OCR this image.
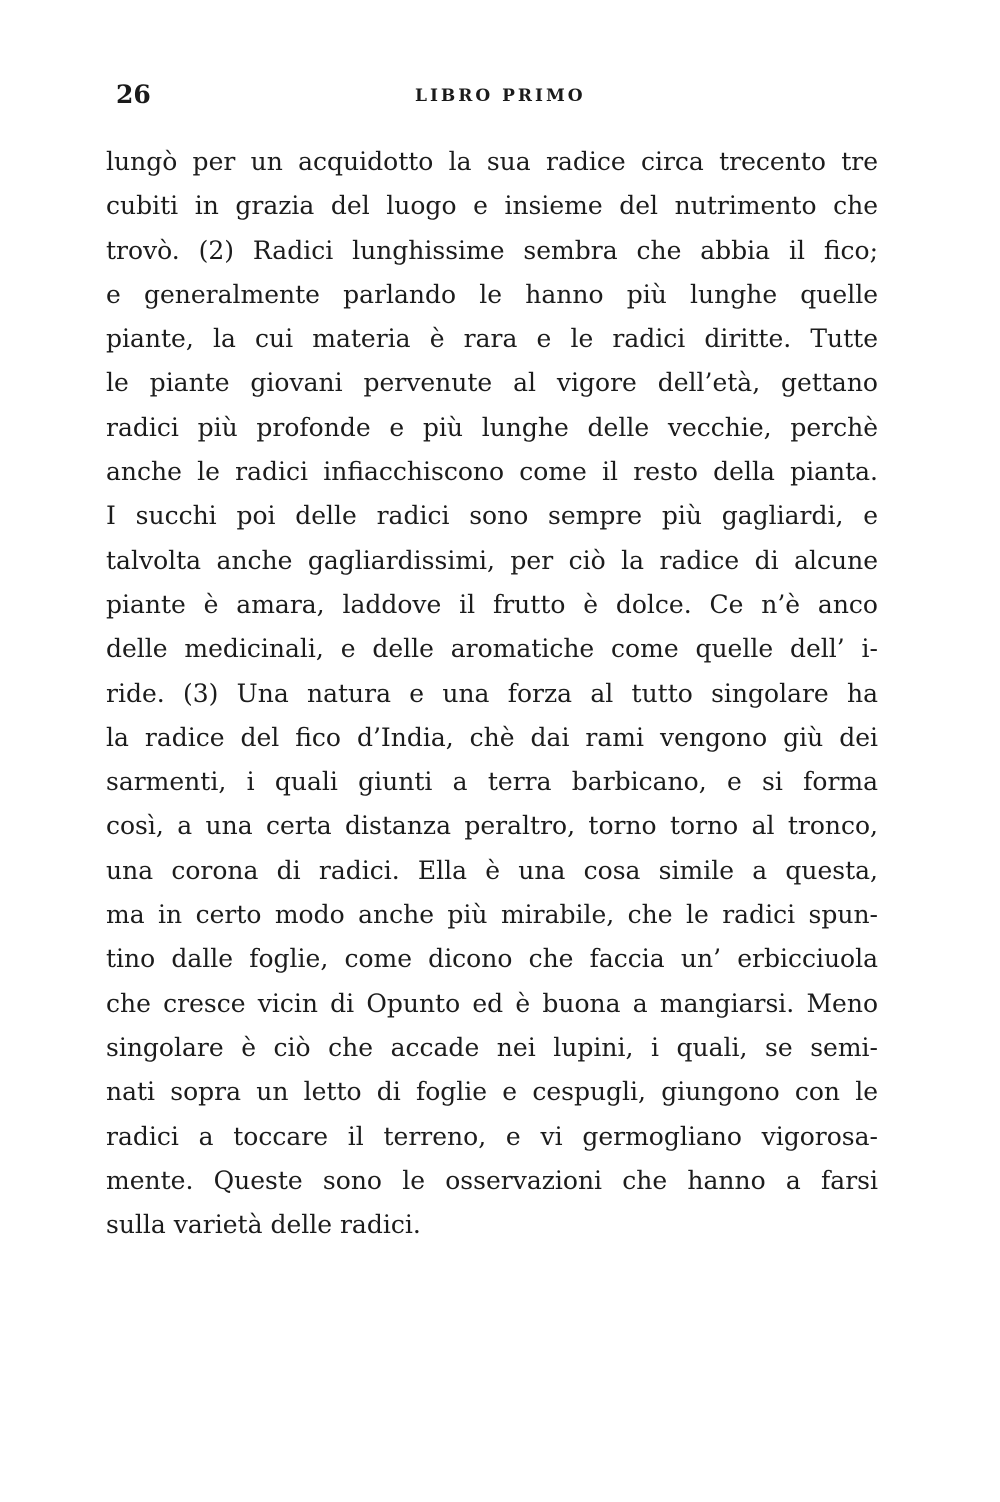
26	LIBRO PRIMO
lungò per un acquidotto la sua radice circa trecento tre
cubiti in grazia del luogo e insieme del nutrimento che
trovò. (2) Radici lunghissime sembra che abbia il fico;
e generalmente parlando le hanno più lunghe quelle
piante, la cui materia è rara e le radici diritte. Tutte
le piante giovani pervenute al vigore dell’età, gettano
radici più profonde e più lunghe delle vecchie, perchè
anche le radici infiacchiscono come il resto della pianta.
I succhi poi delle radici sono sempre più gagliardi, e
talvolta anche gagliardissimi, per ciò la radice di alcune
piante è amara, laddove il frutto è dolce. Ce n’è anco
delle medicinali, e delle aromatiche come quelle dell’ i-
ride. (3) Una natura e una forza al tutto singolare ha
la radice del fico d’India, chè dai rami vengono giù dei
sarmenti, i quali giunti a terra barbicano, e si forma
così, a una certa distanza peraltro, torno torno al tronco,
una corona di radici. Ella è una cosa simile a questa,
ma in certo modo anche più mirabile, che le radici spun-
tino dalle foglie, come dicono che faccia un’ erbicciuola
che cresce vicin di Opunto ed è buona a mangiarsi. Meno
singolare è ciò che accade nei lupini, i quali, se semi-
nati sopra un letto di foglie e cespugli, giungono con le
radici a toccare il terreno, e vi germogliano vigorosa-
mente. Queste sono le osservazioni che hanno a farsi
sulla varietà delle radici.
